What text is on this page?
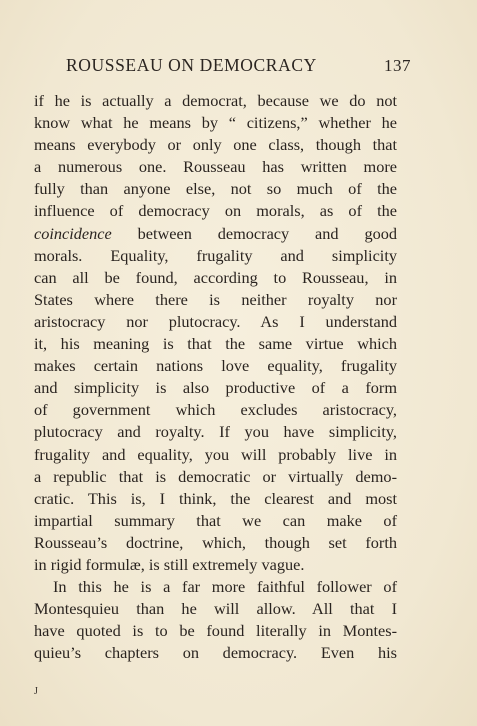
ROUSSEAU ON DEMOCRACY	137
if he is actually a democrat, because we do not
know what he means by “ citizens,” whether he
means everybody or only one class, though that
a numerous one. Rousseau has written more
fully than anyone else, not so much of the
influence of democracy on morals, as of the
coincidence between democracy and good
morals. Equality, frugality and simplicity
can all be found, according to Rousseau, in
States where there is neither royalty nor
aristocracy nor plutocracy. As I understand
it, his meaning is that the same virtue which
makes certain nations love equality, frugality
and simplicity is also productive of a form
of government which excludes aristocracy,
plutocracy and royalty. If you have simplicity,
frugality and equality, you will probably live in
a republic that is democratic or virtually demo-
cratic. This is, I think, the clearest and most
impartial summary that we can make of
Rousseau’s doctrine, which, though set forth
in rigid formulæ, is still extremely vague.
In this he is a far more faithful follower of
Montesquieu than he will allow. All that I
have quoted is to be found literally in Montes-
quieu’s chapters on democracy. Even his
J
